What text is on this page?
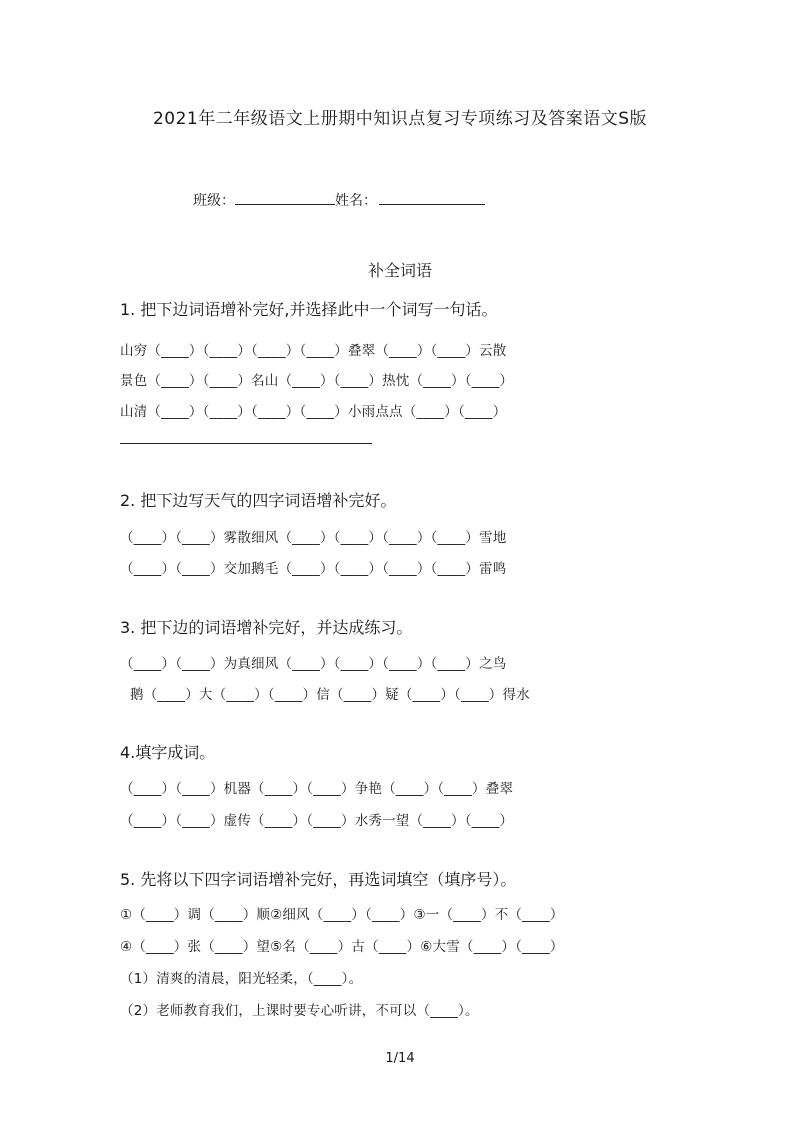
2021年二年级语文上册期中知识点复习专项练习及答案语文S版
班级：	姓名：
补全词语
1. 把下边词语增补完好,并选择此中一个词写一句话。
山穷（____）（____）（____）（____）叠翠（____）（____）云散
景色（____）（____）名山（____）（____）热忱（____）（____）
山清（____）（____）（____）（____）小雨点点（____）（____）
2. 把下边写天气的四字词语增补完好。
（____）（____）雾散细风（____）（____）（____）（____）雪地
（____）（____）交加鹅毛（____）（____）（____）（____）雷鸣
3. 把下边的词语增补完好，并达成练习。
（____）（____）为真细风（____）（____）（____）（____）之鸟
鹅（____）大（____）（____）信（____）疑（____）（____）得水
4.填字成词。
（____）（____）机器（____）（____）争艳（____）（____）叠翠
（____）（____）虚传（____）（____）水秀一望（____）（____）
5. 先将以下四字词语增补完好，再选词填空（填序号）。
①（____）调（____）顺②细风（____）（____）③一（____）不（____）
④（____）张（____）望⑤名（____）古（____）⑥大雪（____）（____）
（1）清爽的清晨，阳光轻柔，（____）。
（2）老师教育我们，上课时要专心听讲，不可以（____）。
1/14
